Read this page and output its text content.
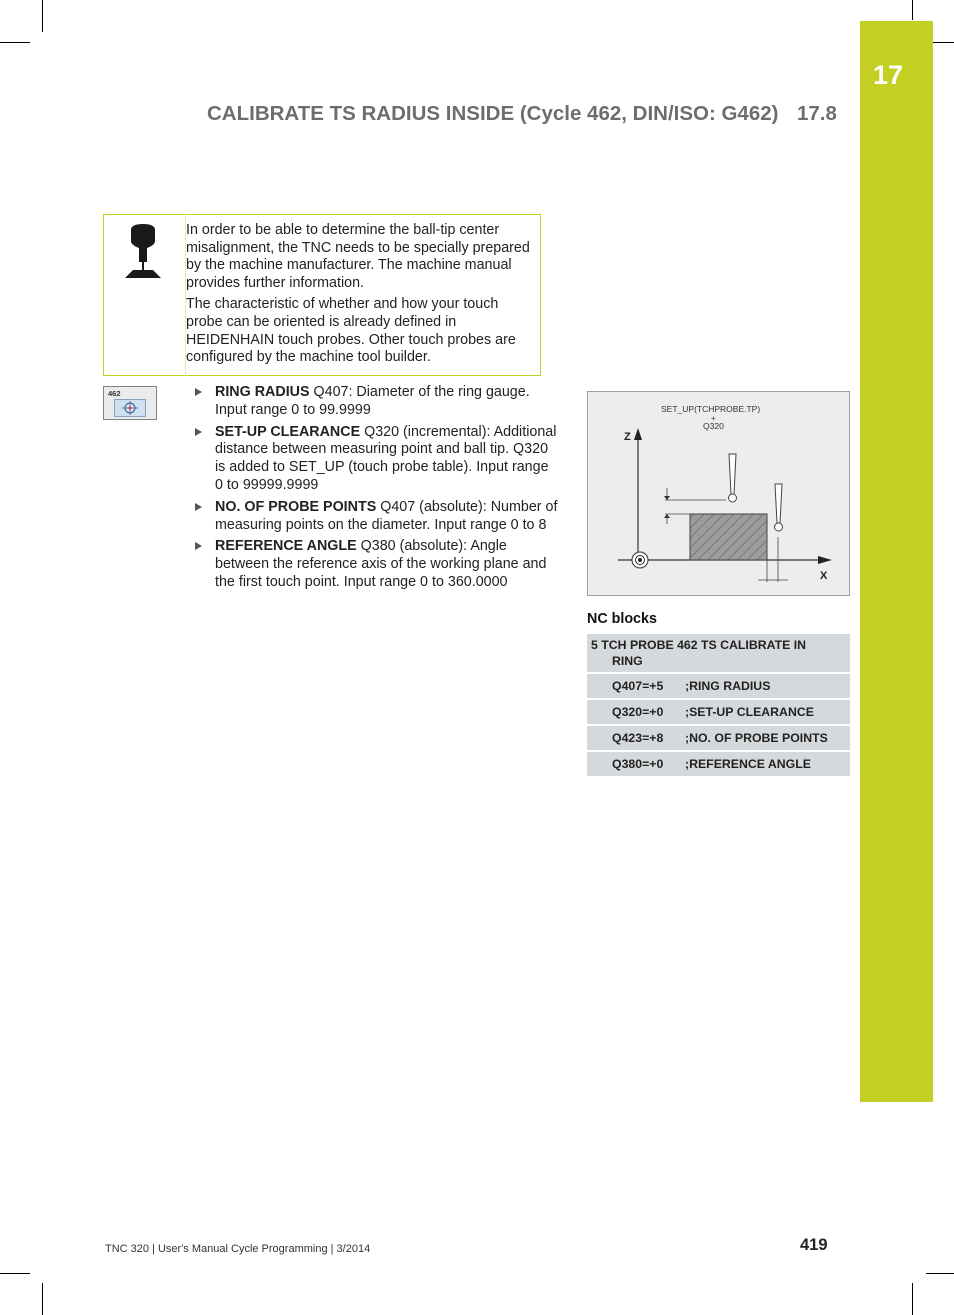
17
CALIBRATE TS RADIUS INSIDE (Cycle 462, DIN/ISO: G462) 17.8

In order to be able to determine the ball-tip center misalignment, the TNC needs to be specially prepared by the machine manufacturer. The machine manual provides further information.

The characteristic of whether and how your touch probe can be oriented is already defined in HEIDENHAIN touch probes. Other touch probes are configured by the machine tool builder.

462	RING RADIUS Q407: Diameter of the ring gauge. Input range 0 to 99.9999
SET-UP CLEARANCE Q320 (incremental): Additional distance between measuring point and ball tip. Q320 is added to SET_UP (touch probe table). Input range 0 to 99999.9999
NO. OF PROBE POINTS Q407 (absolute): Number of measuring points on the diameter. Input range 0 to 8
REFERENCE ANGLE Q380 (absolute): Angle between the reference axis of the working plane and the first touch point. Input range 0 to 360.0000
SET_UP(TCHPROBE.TP)
+
Q320
Z
X
NC blocks
5 TCH PROBE 462 TS CALIBRATE IN
RING	

Q407=+5	;RING RADIUS
Q320=+0	;SET-UP CLEARANCE
Q423=+8	;NO. OF PROBE POINTS
Q380=+0	;REFERENCE ANGLE
TNC 320 | User's Manual Cycle Programming | 3/2014	419
